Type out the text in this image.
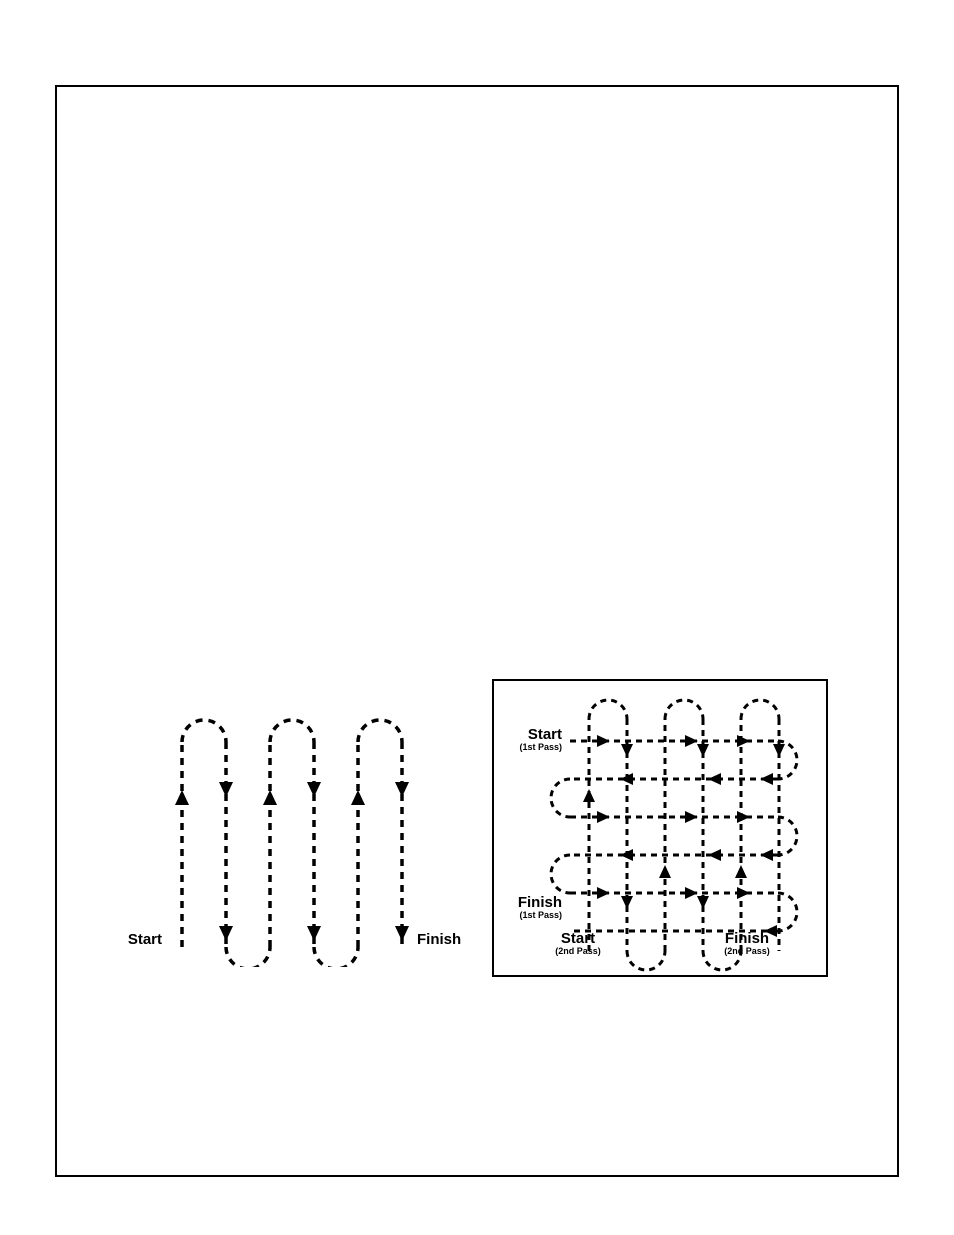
Start	Finish
Start
(1st Pass)
Finish
(1st Pass)
Start
(2nd Pass)
Finish
(2nd Pass)
